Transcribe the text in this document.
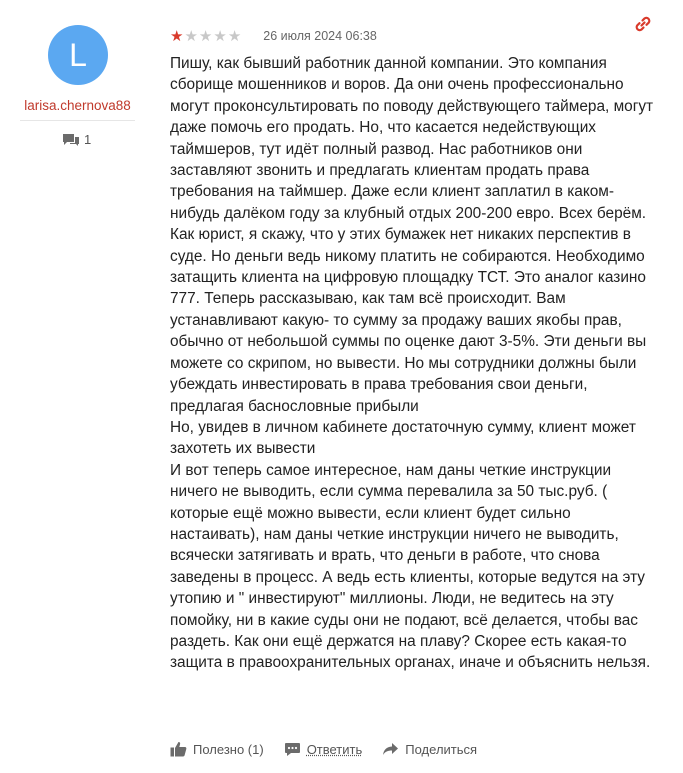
L
larisa.chernova88
1
★ ★ ★ ★ ★ 26 июля 2024 06:38

Пишу, как бывший работник данной компании. Это компания сборище мошенников и воров. Да они очень профессионально могут проконсультировать по поводу действующего таймера, могут даже помочь его продать. Но, что касается недействующих таймшеров, тут идёт полный развод. Нас работников они заставляют звонить и предлагать клиентам продать права требования на таймшер. Даже если клиент заплатил в каком- нибудь далёком году за клубный отдых 200-200 евро. Всех берём. Как юрист, я скажу, что у этих бумажек нет никаких перспектив в суде. Но деньги ведь никому платить не собираются. Необходимо затащить клиента на цифровую площадку ТСТ. Это аналог казино 777. Теперь рассказываю, как там всё происходит. Вам устанавливают какую- то сумму за продажу ваших якобы прав, обычно от небольшой суммы по оценке дают 3-5%. Эти деньги вы можете со скрипом, но вывести. Но мы сотрудники должны были убеждать инвестировать в права требования свои деньги, предлагая баснословные прибыли

Но, увидев в личном кабинете достаточную сумму, клиент может захотеть их вывести

И вот теперь самое интересное, нам даны четкие инструкции ничего не выводить, если сумма перевалила за 50 тыс.руб. ( которые ещё можно вывести, если клиент будет сильно настаивать), нам даны четкие инструкции ничего не выводить, всячески затягивать и врать, что деньги в работе, что снова заведены в процесс. А ведь есть клиенты, которые ведутся на эту утопию и " инвестируют" миллионы. Люди, не ведитесь на эту помойку, ни в какие суды они не подают, всё делается, чтобы вас раздеть. Как они ещё держатся на плаву? Скорее есть какая-то защита в правоохранительных органах, иначе и объяснить нельзя.

Полезно (1)	Ответить	Поделиться
